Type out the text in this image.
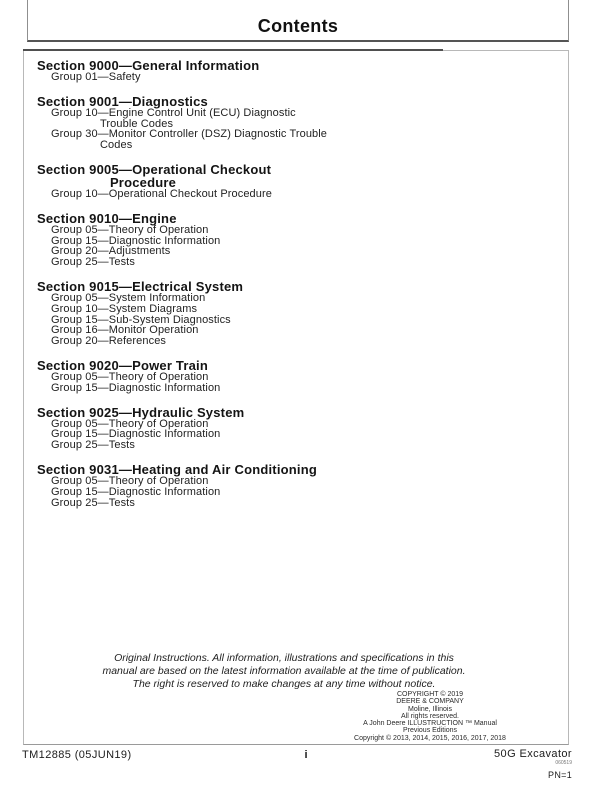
Contents
Section 9000—General Information
Group 01—Safety
Section 9001—Diagnostics
Group 10—Engine Control Unit (ECU) Diagnostic
Trouble Codes
Group 30—Monitor Controller (DSZ) Diagnostic Trouble
Codes
Section 9005—Operational Checkout
Procedure
Group 10—Operational Checkout Procedure
Section 9010—Engine
Group 05—Theory of Operation
Group 15—Diagnostic Information
Group 20—Adjustments
Group 25—Tests
Section 9015—Electrical System
Group 05—System Information
Group 10—System Diagrams
Group 15—Sub-System Diagnostics
Group 16—Monitor Operation
Group 20—References
Section 9020—Power Train
Group 05—Theory of Operation
Group 15—Diagnostic Information
Section 9025—Hydraulic System
Group 05—Theory of Operation
Group 15—Diagnostic Information
Group 25—Tests
Section 9031—Heating and Air Conditioning
Group 05—Theory of Operation
Group 15—Diagnostic Information
Group 25—Tests
Original Instructions. All information, illustrations and specifications in this
manual are based on the latest information available at the time of publication.
The right is reserved to make changes at any time without notice.
COPYRIGHT © 2019
DEERE & COMPANY
Moline, Illinois
All rights reserved.
A John Deere ILLUSTRUCTION ™ Manual
Previous Editions
Copyright © 2013, 2014, 2015, 2016, 2017, 2018
TM12885 (05JUN19)	i	50G Excavator
060519
PN=1
